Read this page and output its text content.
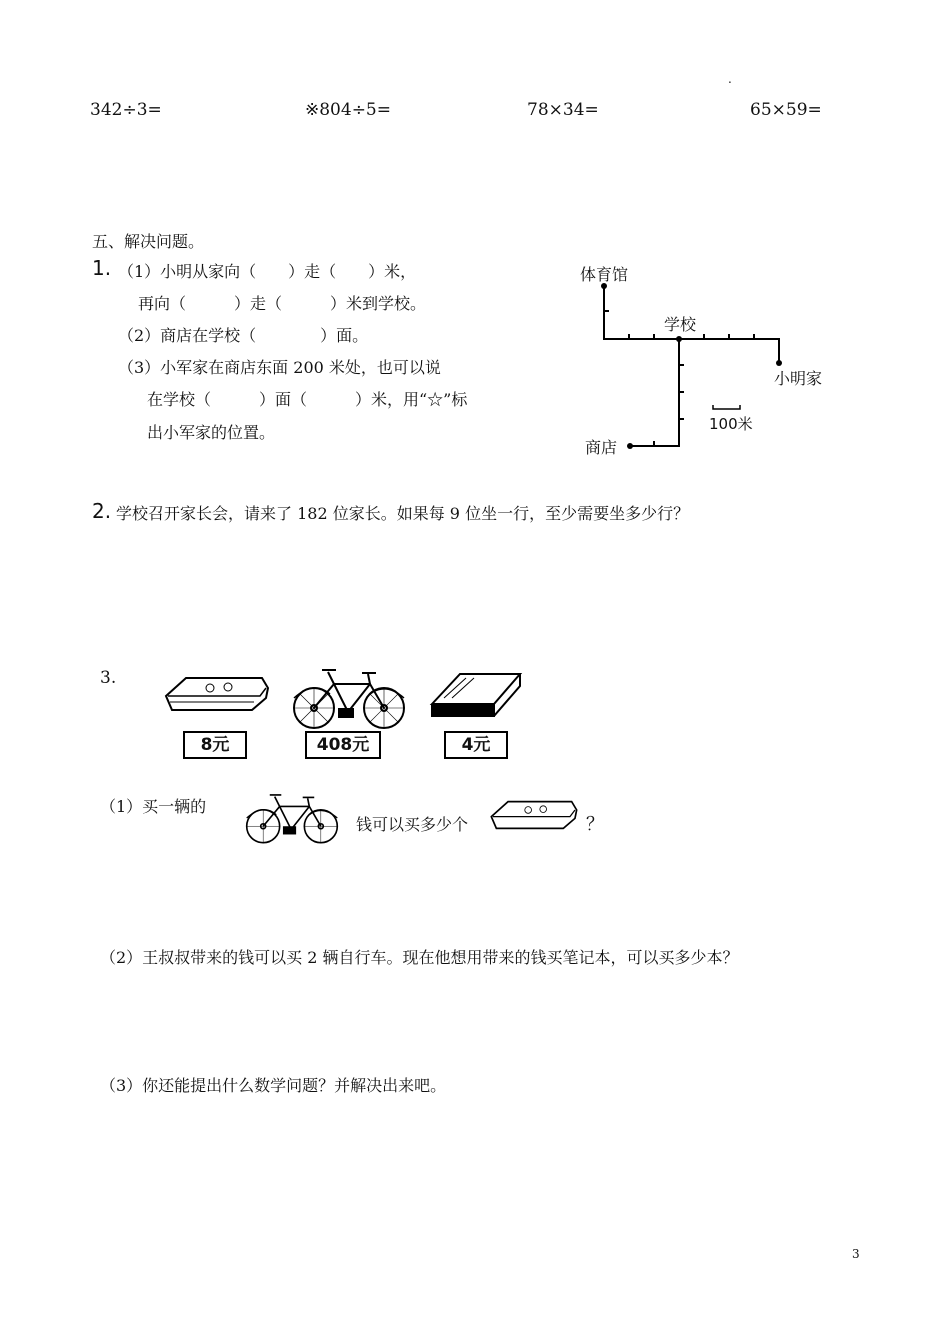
.
342÷3=	※804÷5=	78×34=	65×59=
五、解决问题。
1. （1）小明从家向（　　）走（　　）米，
再向（　　　）走（　　　）米到学校。
（2）商店在学校（　　　　）面。
（3）小军家在商店东面 200 米处，也可以说
在学校（　　　）面（　　　）米，用“☆”标
出小军家的位置。
体育馆
学校
小明家
商店
100米
2. 学校召开家长会，请来了 182 位家长。如果每 9 位坐一行，至少需要坐多少行？
3.
8元	408元	4元
（1）买一辆的
钱可以买多少个	？
（2）王叔叔带来的钱可以买 2 辆自行车。现在他想用带来的钱买笔记本，可以买多少本？
（3）你还能提出什么数学问题？并解决出来吧。
3
